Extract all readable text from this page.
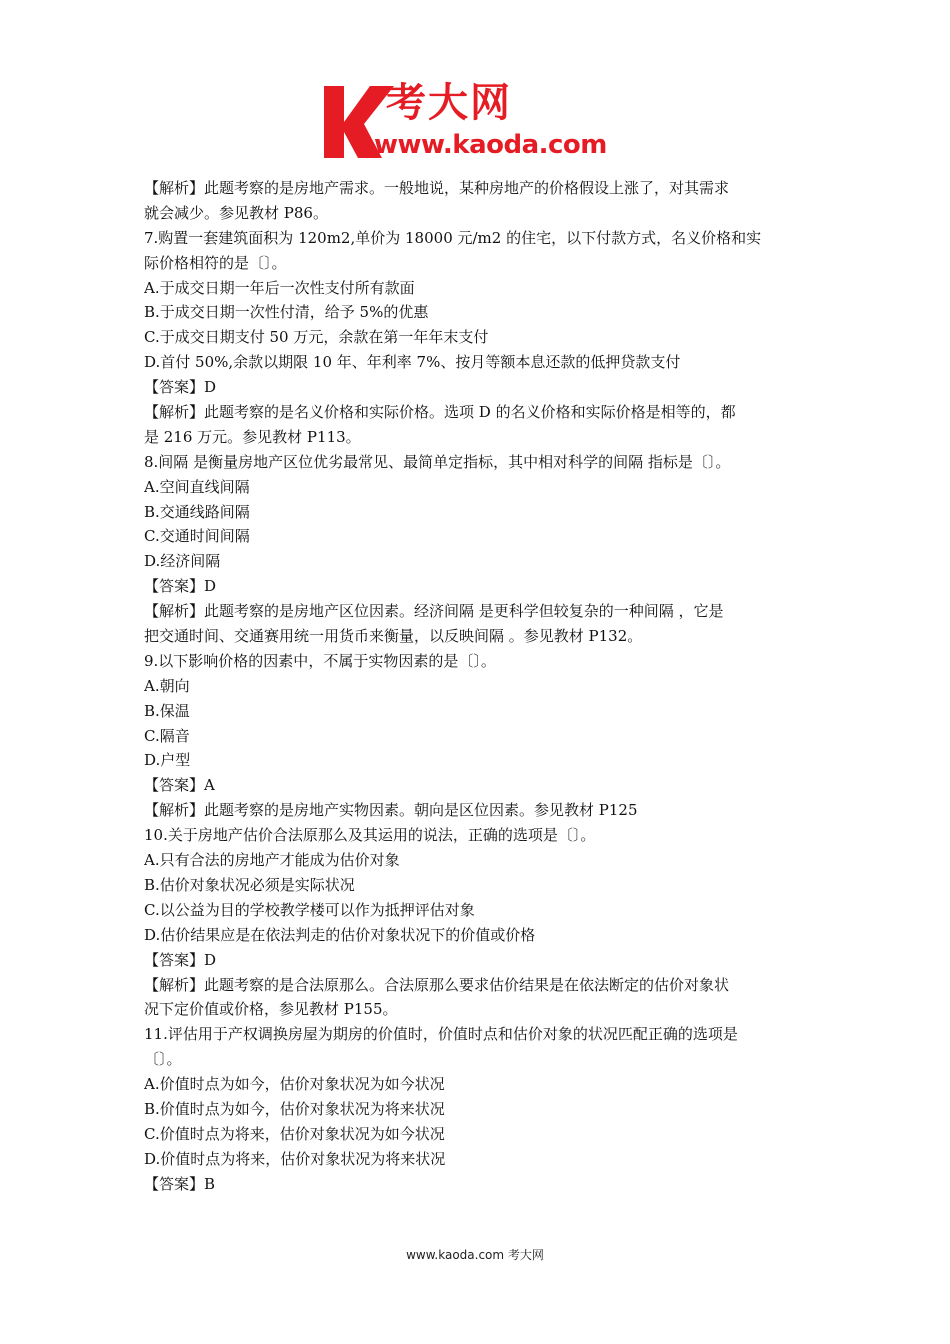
考大网
www.kaoda.com

【解析】此题考察的是房地产需求。一般地说，某种房地产的价格假设上涨了，对其需求

就会减少。参见教材 P86。

7.购置一套建筑面积为 120m2,单价为 18000 元/m2 的住宅，以下付款方式，名义价格和实

际价格相符的是〔〕。

A.于成交日期一年后一次性支付所有款面

B.于成交日期一次性付清，给予 5%的优惠

C.于成交日期支付 50 万元，余款在第一年年末支付

D.首付 50%,余款以期限 10 年、年利率 7%、按月等额本息还款的低押贷款支付

【答案】D

【解析】此题考察的是名义价格和实际价格。选项 D 的名义价格和实际价格是相等的，都

是 216 万元。参见教材 P113。

8.间隔 是衡量房地产区位优劣最常见、最简单定指标，其中相对科学的间隔 指标是〔〕。

A.空间直线间隔

B.交通线路间隔

C.交通时间间隔

D.经济间隔

【答案】D

【解析】此题考察的是房地产区位因素。经济间隔 是更科学但较复杂的一种间隔 ，它是

把交通时间、交通赛用统一用货币来衡量，以反映间隔 。参见教材 P132。

9.以下影响价格的因素中，不属于实物因素的是〔〕。

A.朝向

B.保温

C.隔音

D.户型

【答案】A

【解析】此题考察的是房地产实物因素。朝向是区位因素。参见教材 P125

10.关于房地产估价合法原那么及其运用的说法，正确的选项是〔〕。

A.只有合法的房地产才能成为估价对象

B.估价对象状况必须是实际状况

C.以公益为目的学校教学楼可以作为抵押评估对象

D.估价结果应是在依法判走的估价对象状况下的价值或价格

【答案】D

【解析】此题考察的是合法原那么。合法原那么要求估价结果是在依法断定的估价对象状

况下定价值或价格，参见教材 P155。

11.评估用于产权调换房屋为期房的价值时，价值时点和估价对象的状况匹配正确的选项是

〔〕。

A.价值时点为如今，估价对象状况为如今状况

B.价值时点为如今，估价对象状况为将来状况

C.价值时点为将来，估价对象状况为如今状况

D.价值时点为将来，估价对象状况为将来状况

【答案】B

www.kaoda.com 考大网
